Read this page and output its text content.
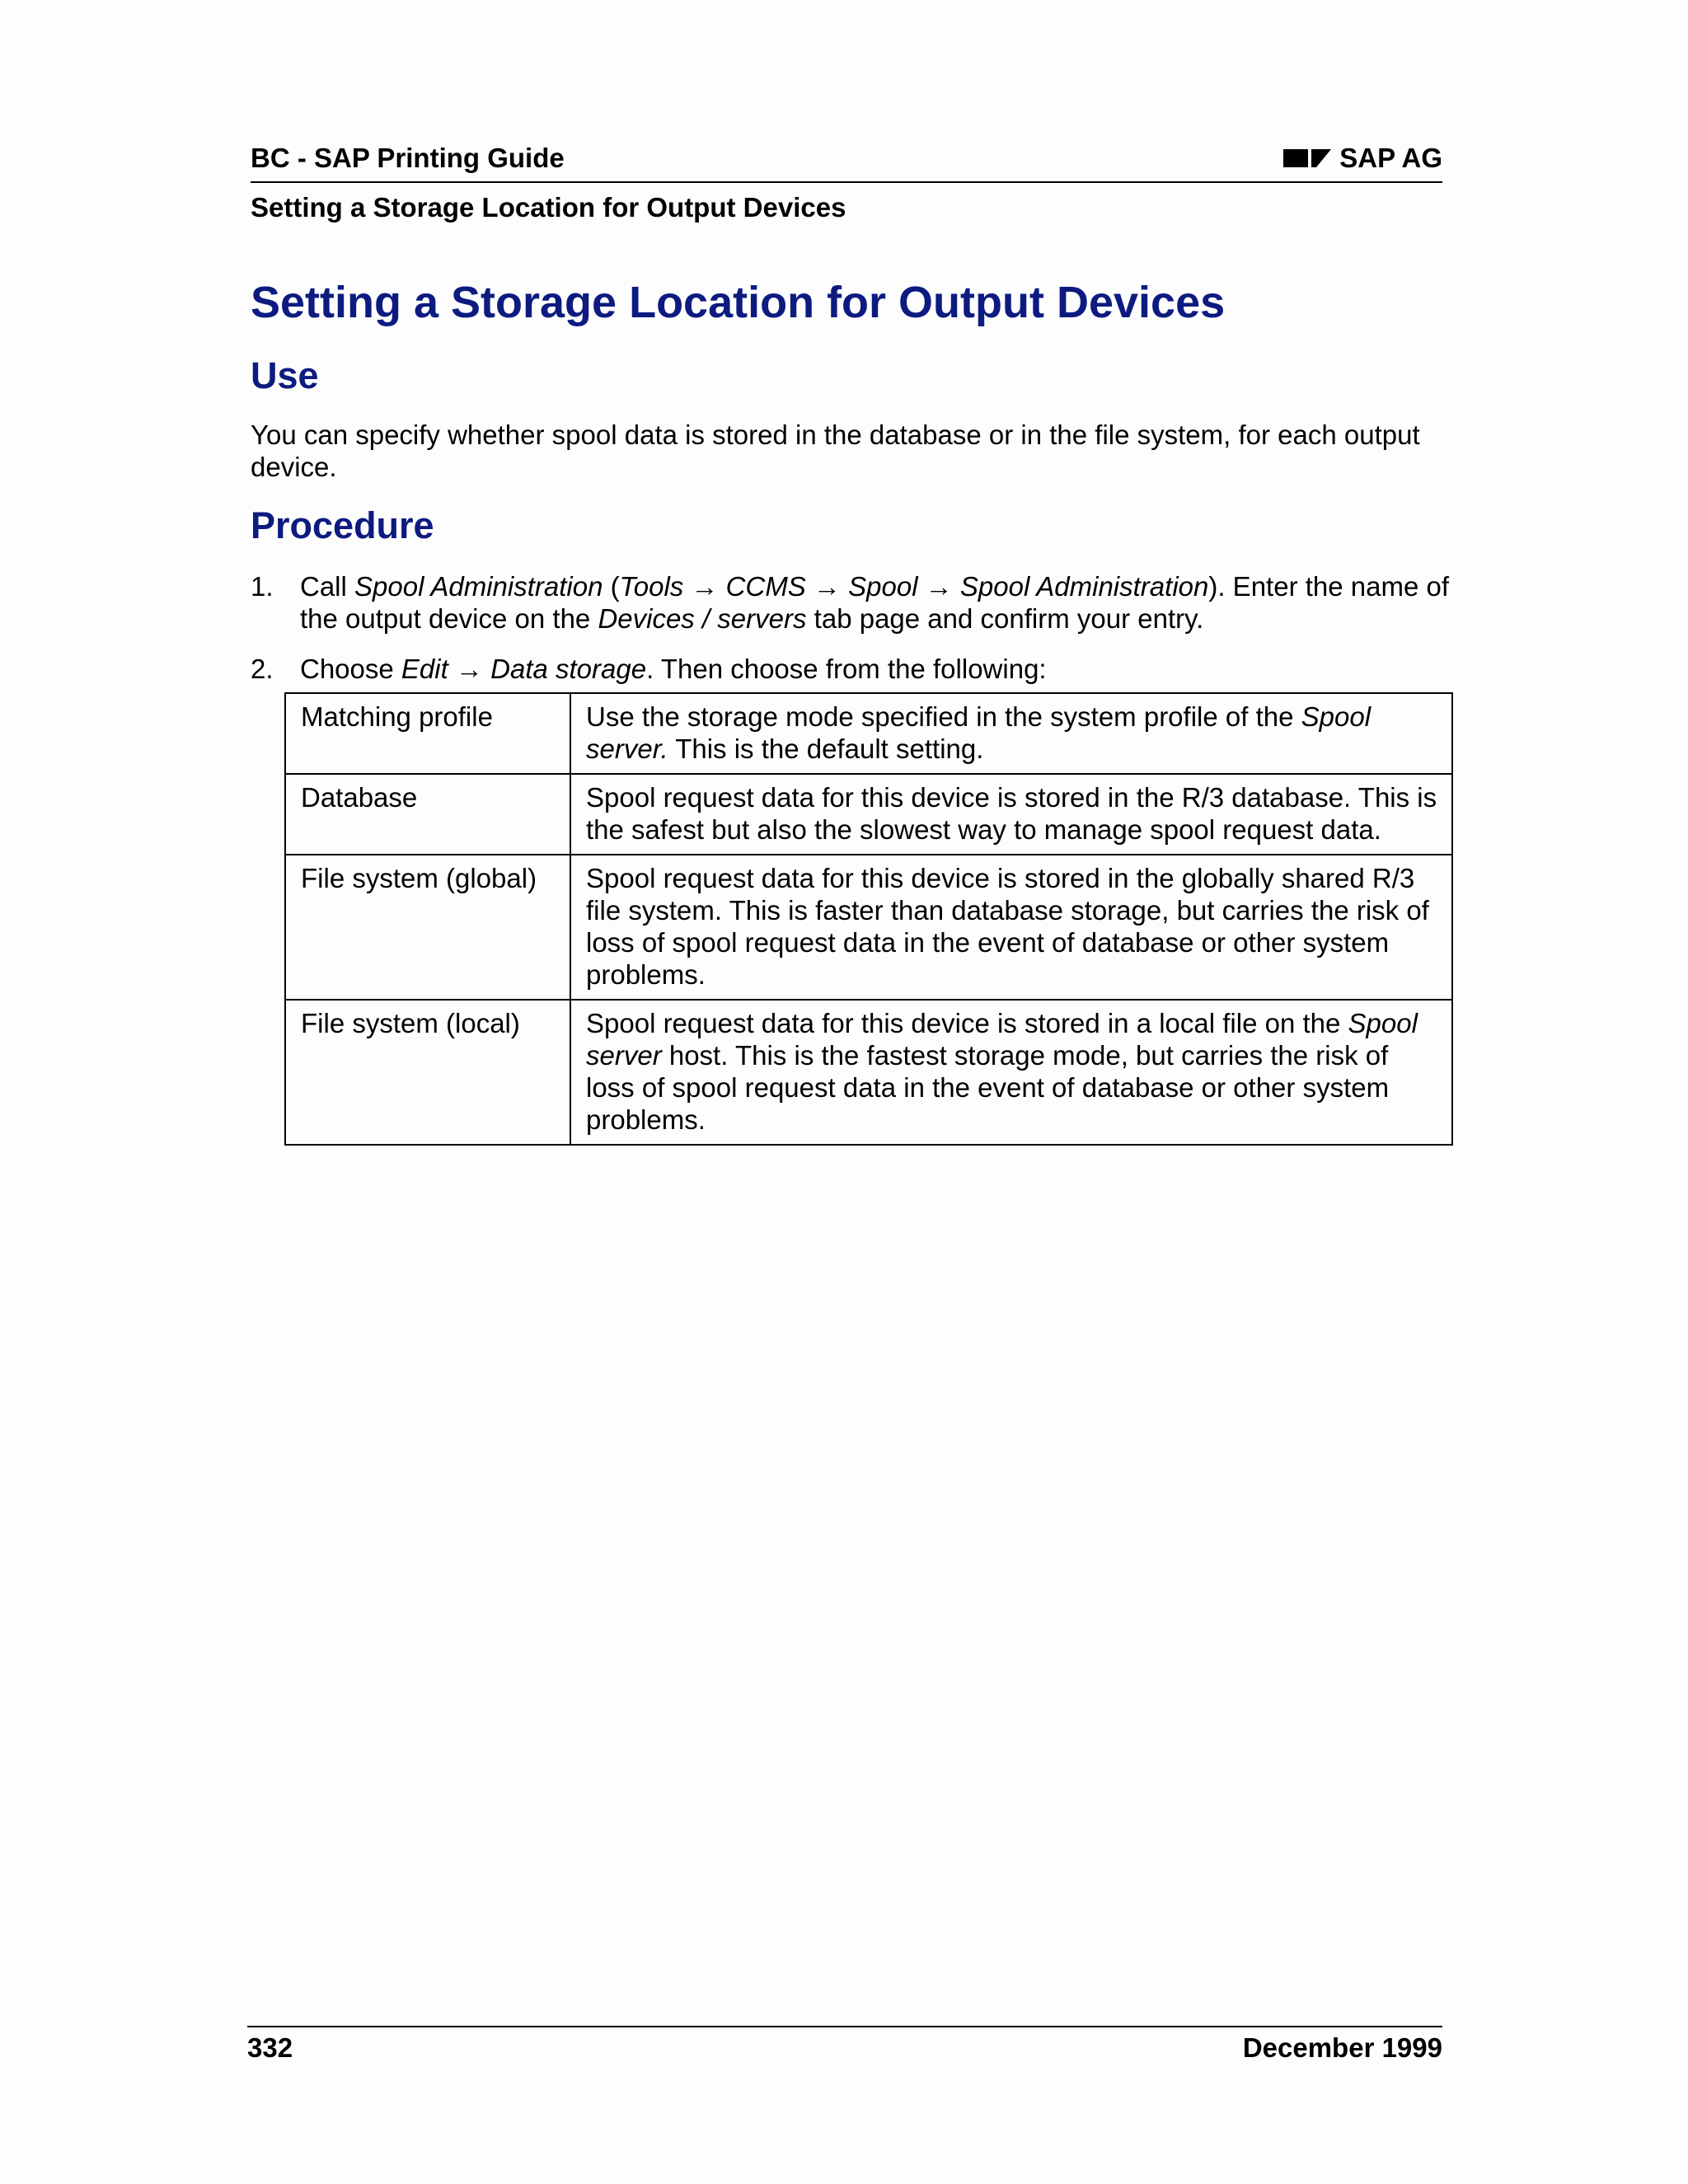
BC - SAP Printing Guide	SAP AG
Setting a Storage Location for Output Devices
Setting a Storage Location for Output Devices
Use

You can specify whether spool data is stored in the database or in the file system, for each output device.

Procedure
1. Call Spool Administration (Tools → CCMS → Spool → Spool Administration). Enter the name of the output device on the Devices / servers tab page and confirm your entry.
2. Choose Edit → Data storage. Then choose from the following:
Matching profile	Use the storage mode specified in the system profile of the Spool server. This is the default setting.
Database	Spool request data for this device is stored in the R/3 database. This is the safest but also the slowest way to manage spool request data.
File system (global)	Spool request data for this device is stored in the globally shared R/3 file system. This is faster than database storage, but carries the risk of loss of spool request data in the event of database or other system problems.
File system (local)	Spool request data for this device is stored in a local file on the Spool server host. This is the fastest storage mode, but carries the risk of loss of spool request data in the event of database or other system problems.
332	December 1999
